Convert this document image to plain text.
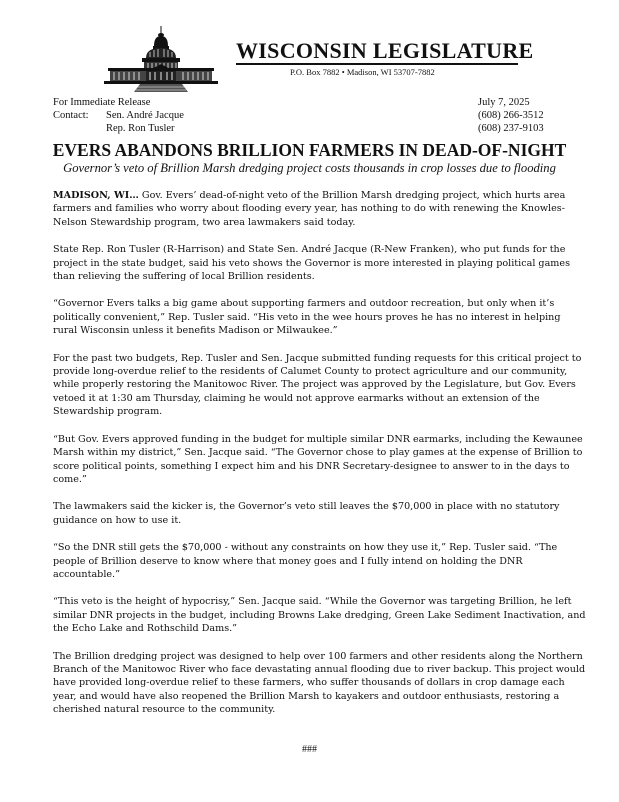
WISCONSIN LEGISLATURE
P.O. Box 7882 • Madison, WI 53707-7882
For Immediate Release
Contact: Sen. André Jacque
Rep. Ron Tusler
July 7, 2025
(608) 266-3512
(608) 237-9103
EVERS ABANDONS BRILLION FARMERS IN DEAD-OF-NIGHT
Governor’s veto of Brillion Marsh dredging project costs thousands in crop losses due to flooding

MADISON, WI… Gov. Evers’ dead-of-night veto of the Brillion Marsh dredging project, which hurts area farmers and families who worry about flooding every year, has nothing to do with renewing the Knowles-Nelson Stewardship program, two area lawmakers said today.

State Rep. Ron Tusler (R-Harrison) and State Sen. André Jacque (R-New Franken), who put funds for the project in the state budget, said his veto shows the Governor is more interested in playing political games than relieving the suffering of local Brillion residents.

“Governor Evers talks a big game about supporting farmers and outdoor recreation, but only when it’s politically convenient,” Rep. Tusler said. “His veto in the wee hours proves he has no interest in helping rural Wisconsin unless it benefits Madison or Milwaukee.”

For the past two budgets, Rep. Tusler and Sen. Jacque submitted funding requests for this critical project to provide long-overdue relief to the residents of Calumet County to protect agriculture and our community, while properly restoring the Manitowoc River. The project was approved by the Legislature, but Gov. Evers vetoed it at 1:30 am Thursday, claiming he would not approve earmarks without an extension of the Stewardship program.

“But Gov. Evers approved funding in the budget for multiple similar DNR earmarks, including the Kewaunee Marsh within my district,” Sen. Jacque said. “The Governor chose to play games at the expense of Brillion to score political points, something I expect him and his DNR Secretary-designee to answer to in the days to come.”

The lawmakers said the kicker is, the Governor’s veto still leaves the $70,000 in place with no statutory guidance on how to use it.

“So the DNR still gets the $70,000 - without any constraints on how they use it,” Rep. Tusler said. “The people of Brillion deserve to know where that money goes and I fully intend on holding the DNR accountable.”

“This veto is the height of hypocrisy,” Sen. Jacque said. “While the Governor was targeting Brillion, he left similar DNR projects in the budget, including Browns Lake dredging, Green Lake Sediment Inactivation, and the Echo Lake and Rothschild Dams.”

The Brillion dredging project was designed to help over 100 farmers and other residents along the Northern Branch of the Manitowoc River who face devastating annual flooding due to river backup. This project would have provided long-overdue relief to these farmers, who suffer thousands of dollars in crop damage each year, and would have also reopened the Brillion Marsh to kayakers and outdoor enthusiasts, restoring a cherished natural resource to the community.

###
